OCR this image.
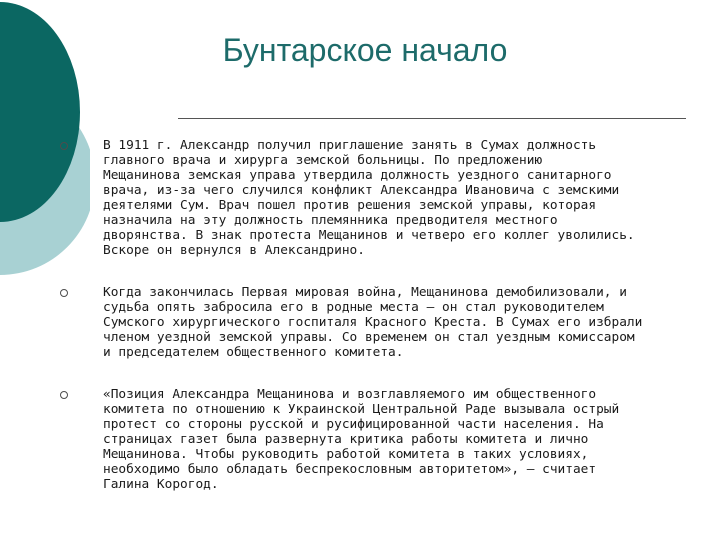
Бунтарское начало
В 1911 г. Александр получил приглашение занять в Сумах должность
главного врача и хирурга земской больницы. По предложению
Мещанинова земская управа утвердила должность уездного санитарного
врача, из-за чего случился конфликт Александра Ивановича с земскими
деятелями Сум. Врач пошел против решения земской управы, которая
назначила на эту должность племянника предводителя местного
дворянства. В знак протеста Мещанинов и четверо его коллег уволились.
Вскоре он вернулся в Александрино.
Когда закончилась Первая мировая война, Мещанинова демобилизовали, и
судьба опять забросила его в родные места — он стал руководителем
Сумского хирургического госпиталя Красного Креста. В Сумах его избрали
членом уездной земской управы. Со временем он стал уездным комиссаром
и председателем общественного комитета.
«Позиция Александра Мещанинова и возглавляемого им общественного
комитета по отношению к Украинской Центральной Раде вызывала острый
протест со стороны русской и русифицированной части населения. На
страницах газет была развернута критика работы комитета и лично
Мещанинова. Чтобы руководить работой комитета в таких условиях,
необходимо было обладать беспрекословным авторитетом», — считает
Галина Корогод.
